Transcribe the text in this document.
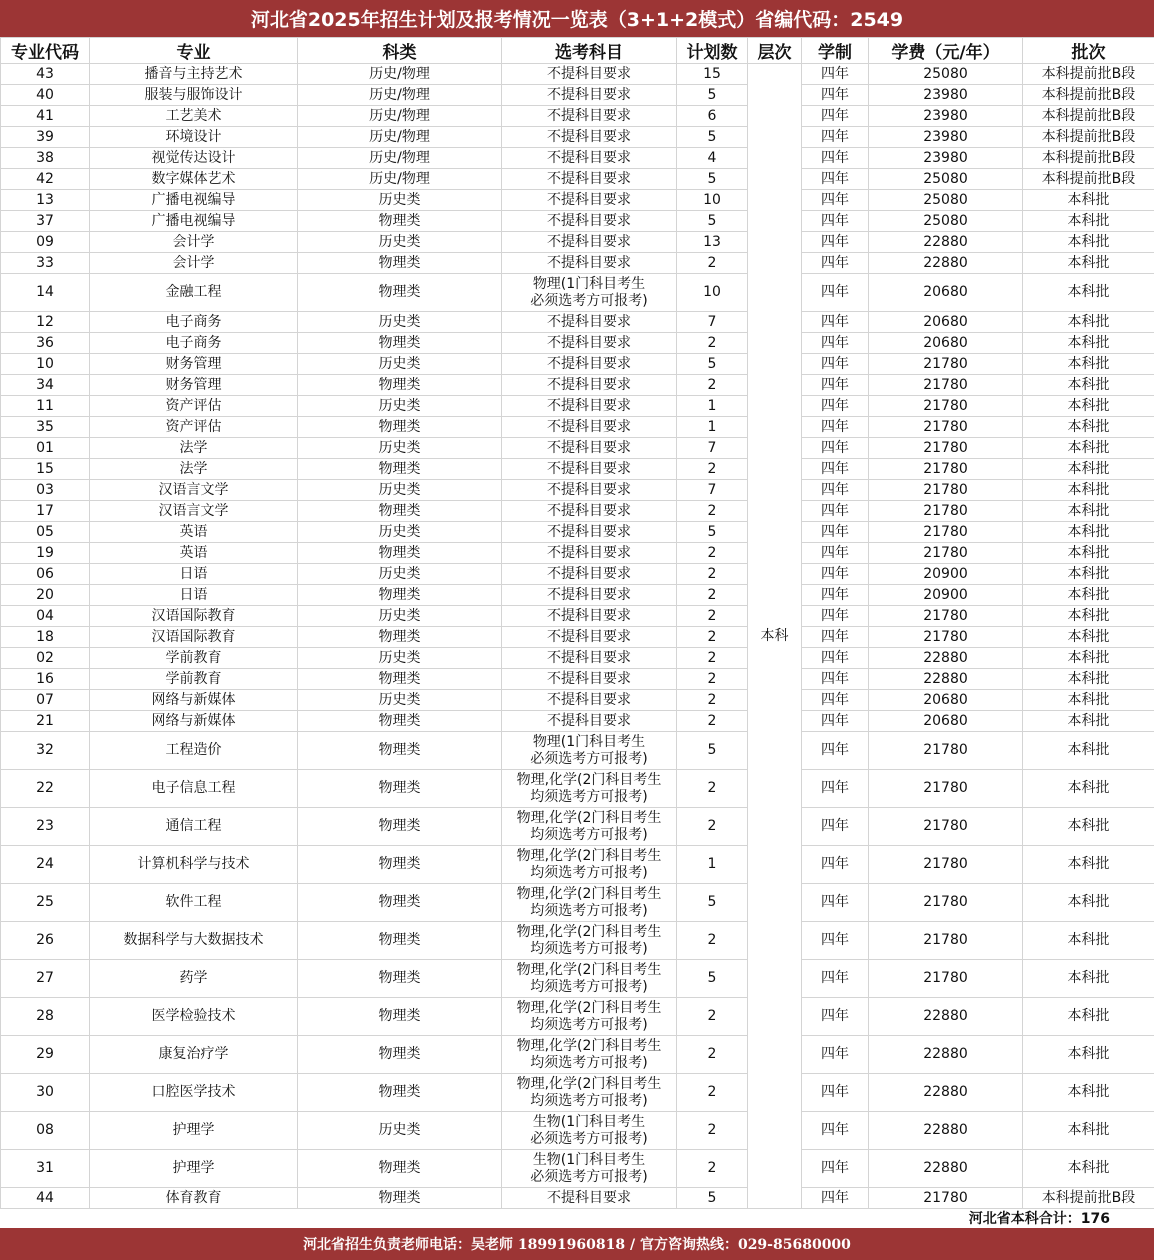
河北省2025年招生计划及报考情况一览表（3+1+2模式）省编代码：2549
专业代码	专业	科类	选考科目	计划数	层次	学制	学费（元/年）	批次
43	播音与主持艺术	历史/物理	不提科目要求	15	本科	四年	25080	本科提前批B段
40	服装与服饰设计	历史/物理	不提科目要求	5		四年	23980	本科提前批B段
41	工艺美术	历史/物理	不提科目要求	6		四年	23980	本科提前批B段
39	环境设计	历史/物理	不提科目要求	5		四年	23980	本科提前批B段
38	视觉传达设计	历史/物理	不提科目要求	4		四年	23980	本科提前批B段
42	数字媒体艺术	历史/物理	不提科目要求	5		四年	25080	本科提前批B段
13	广播电视编导	历史类	不提科目要求	10		四年	25080	本科批
37	广播电视编导	物理类	不提科目要求	5		四年	25080	本科批
09	会计学	历史类	不提科目要求	13		四年	22880	本科批
33	会计学	物理类	不提科目要求	2		四年	22880	本科批
14	金融工程	物理类	物理(1门科目考生
必须选考方可报考)	10		四年	20680	本科批
12	电子商务	历史类	不提科目要求	7		四年	20680	本科批
36	电子商务	物理类	不提科目要求	2		四年	20680	本科批
10	财务管理	历史类	不提科目要求	5		四年	21780	本科批
34	财务管理	物理类	不提科目要求	2		四年	21780	本科批
11	资产评估	历史类	不提科目要求	1		四年	21780	本科批
35	资产评估	物理类	不提科目要求	1		四年	21780	本科批
01	法学	历史类	不提科目要求	7		四年	21780	本科批
15	法学	物理类	不提科目要求	2		四年	21780	本科批
03	汉语言文学	历史类	不提科目要求	7		四年	21780	本科批
17	汉语言文学	物理类	不提科目要求	2		四年	21780	本科批
05	英语	历史类	不提科目要求	5		四年	21780	本科批
19	英语	物理类	不提科目要求	2		四年	21780	本科批
06	日语	历史类	不提科目要求	2		四年	20900	本科批
20	日语	物理类	不提科目要求	2		四年	20900	本科批
04	汉语国际教育	历史类	不提科目要求	2		四年	21780	本科批
18	汉语国际教育	物理类	不提科目要求	2		四年	21780	本科批
02	学前教育	历史类	不提科目要求	2		四年	22880	本科批
16	学前教育	物理类	不提科目要求	2		四年	22880	本科批
07	网络与新媒体	历史类	不提科目要求	2		四年	20680	本科批
21	网络与新媒体	物理类	不提科目要求	2		四年	20680	本科批
32	工程造价	物理类	物理(1门科目考生
必须选考方可报考)	5		四年	21780	本科批
22	电子信息工程	物理类	物理,化学(2门科目考生
均须选考方可报考)	2		四年	21780	本科批
23	通信工程	物理类	物理,化学(2门科目考生
均须选考方可报考)	2		四年	21780	本科批
24	计算机科学与技术	物理类	物理,化学(2门科目考生
均须选考方可报考)	1		四年	21780	本科批
25	软件工程	物理类	物理,化学(2门科目考生
均须选考方可报考)	5		四年	21780	本科批
26	数据科学与大数据技术	物理类	物理,化学(2门科目考生
均须选考方可报考)	2		四年	21780	本科批
27	药学	物理类	物理,化学(2门科目考生
均须选考方可报考)	5		四年	21780	本科批
28	医学检验技术	物理类	物理,化学(2门科目考生
均须选考方可报考)	2		四年	22880	本科批
29	康复治疗学	物理类	物理,化学(2门科目考生
均须选考方可报考)	2		四年	22880	本科批
30	口腔医学技术	物理类	物理,化学(2门科目考生
均须选考方可报考)	2		四年	22880	本科批
08	护理学	历史类	生物(1门科目考生
必须选考方可报考)	2		四年	22880	本科批
31	护理学	物理类	生物(1门科目考生
必须选考方可报考)	2		四年	22880	本科批
44	体育教育	物理类	不提科目要求	5		四年	21780	本科提前批B段
河北省本科合计：176
河北省招生负责老师电话：吴老师 18991960818 / 官方咨询热线：029-85680000
